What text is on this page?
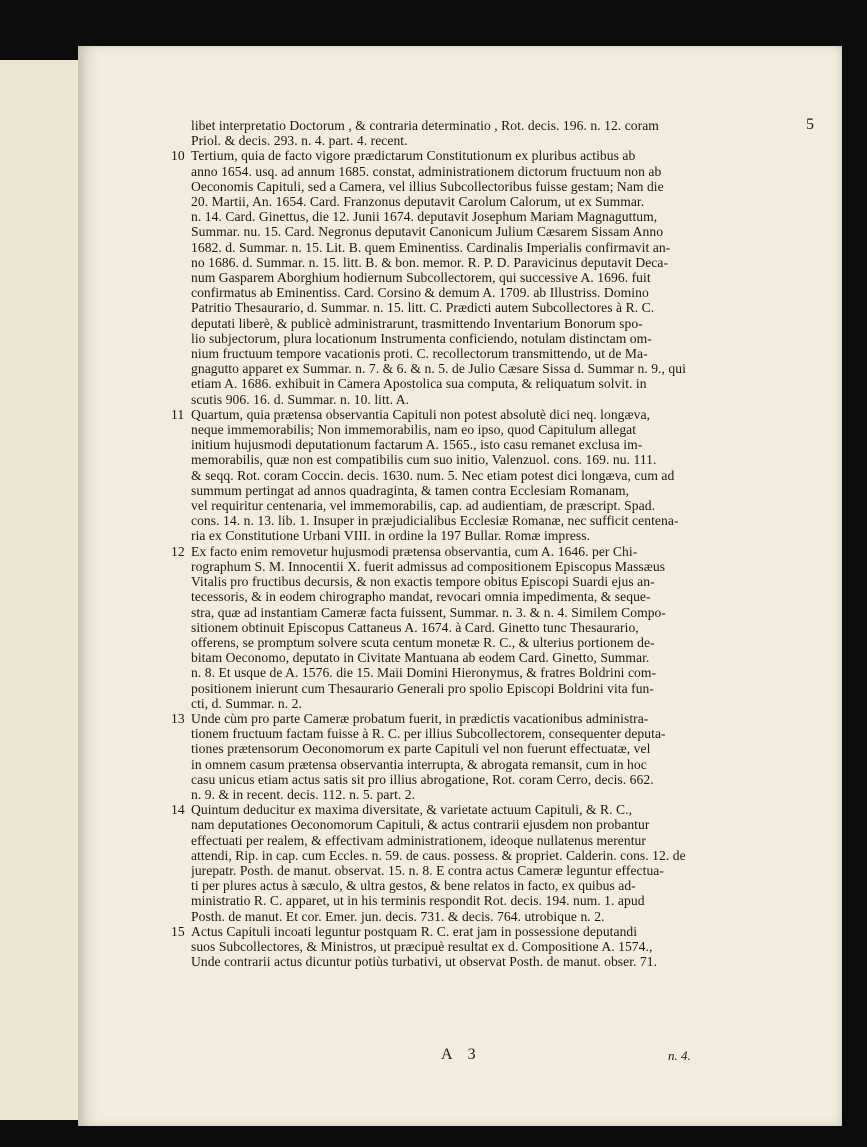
5
libet interpretatio Doctorum , & contraria determinatio , Rot. decis. 196. n. 12. coram
Priol. & decis. 293. n. 4. part. 4. recent.
10 Tertium, quia de facto vigore prædictarum Constitutionum ex pluribus actibus ab
anno 1654. usq. ad annum 1685. constat, administrationem dictorum fructuum non ab
Oeconomis Capituli, sed a Camera, vel illius Subcollectoribus fuisse gestam; Nam die
20. Martii, An. 1654. Card. Franzonus deputavit Carolum Calorum, ut ex Summar.
n. 14. Card. Ginettus, die 12. Junii 1674. deputavit Josephum Mariam Magnaguttum,
Summar. nu. 15. Card. Negronus deputavit Canonicum Julium Cæsarem Sissam Anno
1682. d. Summar. n. 15. Lit. B. quem Eminentiss. Cardinalis Imperialis confirmavit an-
no 1686. d. Summar. n. 15. litt. B. & bon. memor. R. P. D. Paravicinus deputavit Deca-
num Gasparem Aborghium hodiernum Subcollectorem, qui successive A. 1696. fuit
confirmatus ab Eminentiss. Card. Corsino & demum A. 1709. ab Illustriss. Domino
Patritio Thesaurario, d. Summar. n. 15. litt. C. Prædicti autem Subcollectores à R. C.
deputati liberè, & publicè administrarunt, trasmittendo Inventarium Bonorum spo-
lio subjectorum, plura locationum Instrumenta conficiendo, notulam distinctam om-
nium fructuum tempore vacationis proti. C. recollectorum transmittendo, ut de Ma-
gnagutto apparet ex Summar. n. 7. & 6. & n. 5. de Julio Cæsare Sissa d. Summar n. 9., qui
etiam A. 1686. exhibuit in Camera Apostolica sua computa, & reliquatum solvit. in
scutis 906. 16. d. Summar. n. 10. litt. A.
11 Quartum, quia prætensa observantia Capituli non potest absolutè dici neq. longæva,
neque immemorabilis; Non immemorabilis, nam eo ipso, quod Capitulum allegat
initium hujusmodi deputationum factarum A. 1565., isto casu remanet exclusa im-
memorabilis, quæ non est compatibilis cum suo initio, Valenzuol. cons. 169. nu. 111.
& seqq. Rot. coram Coccin. decis. 1630. num. 5. Nec etiam potest dici longæva, cum ad
summum pertingat ad annos quadraginta, & tamen contra Ecclesiam Romanam,
vel requiritur centenaria, vel immemorabilis, cap. ad audientiam, de præscript. Spad.
cons. 14. n. 13. lib. 1. Insuper in præjudicialibus Ecclesiæ Romanæ, nec sufficit centena-
ria ex Constitutione Urbani VIII. in ordine la 197 Bullar. Romæ impress.
12 Ex facto enim removetur hujusmodi prætensa observantia, cum A. 1646. per Chi-
rographum S. M. Innocentii X. fuerit admissus ad compositionem Episcopus Massæus
Vitalis pro fructibus decursis, & non exactis tempore obitus Episcopi Suardi ejus an-
tecessoris, & in eodem chirographo mandat, revocari omnia impedimenta, & seque-
stra, quæ ad instantiam Cameræ facta fuissent, Summar. n. 3. & n. 4. Similem Compo-
sitionem obtinuit Episcopus Cattaneus A. 1674. à Card. Ginetto tunc Thesaurario,
offerens, se promptum solvere scuta centum monetæ R. C., & ulterius portionem de-
bitam Oeconomo, deputato in Civitate Mantuana ab eodem Card. Ginetto, Summar.
n. 8. Et usque de A. 1576. die 15. Maii Domini Hieronymus, & fratres Boldrini com-
positionem inierunt cum Thesaurario Generali pro spolio Episcopi Boldrini vita fun-
cti, d. Summar. n. 2.
13 Unde cùm pro parte Cameræ probatum fuerit, in prædictis vacationibus administra-
tionem fructuum factam fuisse à R. C. per illius Subcollectorem, consequenter deputa-
tiones prætensorum Oeconomorum ex parte Capituli vel non fuerunt effectuatæ, vel
in omnem casum prætensa observantia interrupta, & abrogata remansit, cum in hoc
casu unicus etiam actus satis sit pro illius abrogatione, Rot. coram Cerro, decis. 662.
n. 9. & in recent. decis. 112. n. 5. part. 2.
14 Quintum deducitur ex maxima diversitate, & varietate actuum Capituli, & R. C.,
nam deputationes Oeconomorum Capituli, & actus contrarii ejusdem non probantur
effectuati per realem, & effectivam administrationem, ideoque nullatenus merentur
attendi, Rip. in cap. cum Eccles. n. 59. de caus. possess. & propriet. Calderin. cons. 12. de
jurepatr. Posth. de manut. observat. 15. n. 8. E contra actus Cameræ leguntur effectua-
ti per plures actus à sæculo, & ultra gestos, & bene relatos in facto, ex quibus ad-
ministratio R. C. apparet, ut in his terminis respondit Rot. decis. 194. num. 1. apud
Posth. de manut. Et cor. Emer. jun. decis. 731. & decis. 764. utrobique n. 2.
15 Actus Capituli incoati leguntur postquam R. C. erat jam in possessione deputandi
suos Subcollectores, & Ministros, ut præcipuè resultat ex d. Compositione A. 1574.,
Unde contrarii actus dicuntur potiùs turbativi, ut observat Posth. de manut. obser. 71.
A 3	n. 4.
